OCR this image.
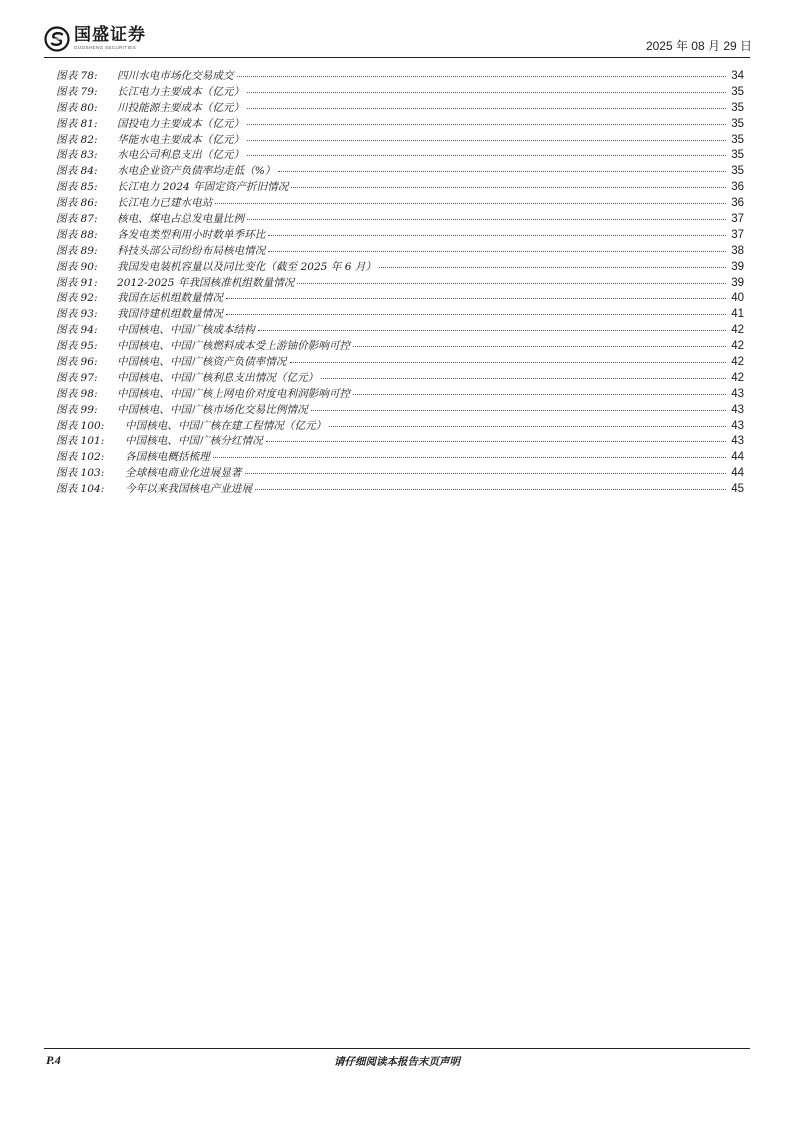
国盛证券
GUOSHENG SECURITIES	2025 年 08 月 29 日
图表 78:	四川水电市场化交易成交	34
图表 79:	长江电力主要成本（亿元）	35
图表 80:	川投能源主要成本（亿元）	35
图表 81:	国投电力主要成本（亿元）	35
图表 82:	华能水电主要成本（亿元）	35
图表 83:	水电公司利息支出（亿元）	35
图表 84:	水电企业资产负债率均走低（%）	35
图表 85:	长江电力 2024 年固定资产折旧情况	36
图表 86:	长江电力已建水电站	36
图表 87:	核电、煤电占总发电量比例	37
图表 88:	各发电类型利用小时数单季环比	37
图表 89:	科技头部公司纷纷布局核电情况	38
图表 90:	我国发电装机容量以及同比变化（截至 2025 年 6 月）	39
图表 91:	2012-2025 年我国核准机组数量情况	39
图表 92:	我国在运机组数量情况	40
图表 93:	我国待建机组数量情况	41
图表 94:	中国核电、中国广核成本结构	42
图表 95:	中国核电、中国广核燃料成本受上游铀价影响可控	42
图表 96:	中国核电、中国广核资产负债率情况	42
图表 97:	中国核电、中国广核利息支出情况（亿元）	42
图表 98:	中国核电、中国广核上网电价对度电利润影响可控	43
图表 99:	中国核电、中国广核市场化交易比例情况	43
图表 100:	中国核电、中国广核在建工程情况（亿元）	43
图表 101:	中国核电、中国广核分红情况	43
图表 102:	各国核电概括梳理	44
图表 103:	全球核电商业化进展显著	44
图表 104:	今年以来我国核电产业进展	45
P.4	请仔细阅读本报告末页声明
